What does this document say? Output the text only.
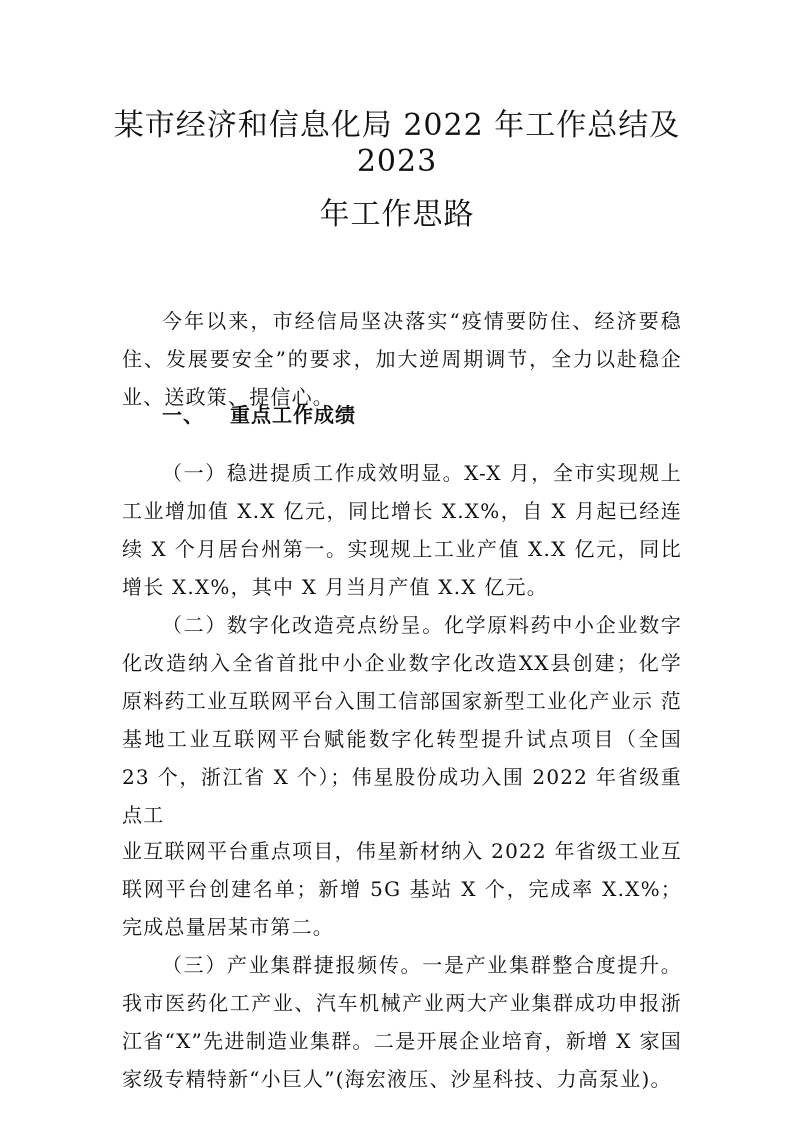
某市经济和信息化局 2022 年工作总结及
2023
年工作思路

今年以来，市经信局坚决落实“疫情要防住、经济要稳住、发展要安全”的要求，加大逆周期调节，全力以赴稳企业、送政策、提信心。

一、 重点工作成绩

（一）稳进提质工作成效明显。X-X 月，全市实现规上工业增加值 X.X 亿元，同比增长 X.X%，自 X 月起已经连续 X 个月居台州第一。实现规上工业产值 X.X 亿元，同比增长 X.X%，其中 X 月当月产值 X.X 亿元。

（二）数字化改造亮点纷呈。化学原料药中小企业数字化改造纳入全省首批中小企业数字化改造XX县创建；化学原料药工业互联网平台入围工信部国家新型工业化产业示 范基地工业互联网平台赋能数字化转型提升试点项目（全国 23 个，浙江省 X 个）；伟星股份成功入围 2022 年省级重点工

业互联网平台重点项目，伟星新材纳入 2022 年省级工业互联网平台创建名单；新增 5G 基站 X 个，完成率 X.X%； 完成总量居某市第二。

（三）产业集群捷报频传。一是产业集群整合度提升。我市医药化工产业、汽车机械产业两大产业集群成功申报浙江省“X”先进制造业集群。二是开展企业培育，新增 X 家国家级专精特新“小巨人”(海宏液压、沙星科技、力高泵业)。
